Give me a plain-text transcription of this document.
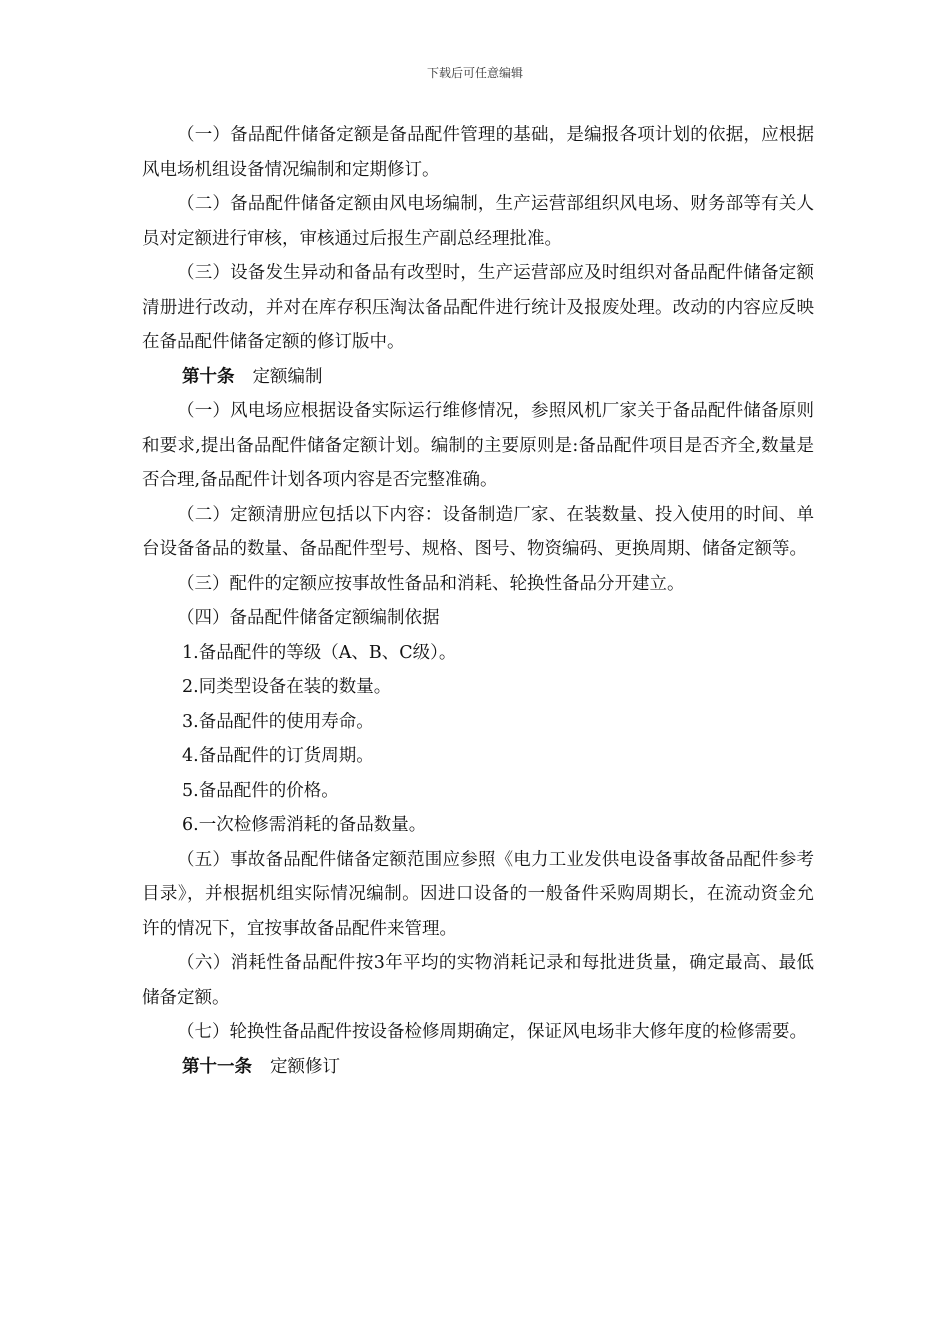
下载后可任意编辑

（一）备品配件储备定额是备品配件管理的基础，是编报各项计划的依据，应根据风电场机组设备情况编制和定期修订。

（二）备品配件储备定额由风电场编制，生产运营部组织风电场、财务部等有关人员对定额进行审核，审核通过后报生产副总经理批准。

（三）设备发生异动和备品有改型时，生产运营部应及时组织对备品配件储备定额清册进行改动，并对在库存积压淘汰备品配件进行统计及报废处理。改动的内容应反映在备品配件储备定额的修订版中。

第十条 定额编制

（一）风电场应根据设备实际运行维修情况，参照风机厂家关于备品配件储备原则和要求,提出备品配件储备定额计划。编制的主要原则是:备品配件项目是否齐全,数量是否合理,备品配件计划各项内容是否完整准确。

（二）定额清册应包括以下内容：设备制造厂家、在装数量、投入使用的时间、单台设备备品的数量、备品配件型号、规格、图号、物资编码、更换周期、储备定额等。

（三）配件的定额应按事故性备品和消耗、轮换性备品分开建立。

（四）备品配件储备定额编制依据

1.备品配件的等级（A、B、C级）。

2.同类型设备在装的数量。

3.备品配件的使用寿命。

4.备品配件的订货周期。

5.备品配件的价格。

6.一次检修需消耗的备品数量。

（五）事故备品配件储备定额范围应参照《电力工业发供电设备事故备品配件参考目录》，并根据机组实际情况编制。因进口设备的一般备件采购周期长，在流动资金允许的情况下，宜按事故备品配件来管理。

（六）消耗性备品配件按3年平均的实物消耗记录和每批进货量，确定最高、最低储备定额。

（七）轮换性备品配件按设备检修周期确定，保证风电场非大修年度的检修需要。

第十一条 定额修订
